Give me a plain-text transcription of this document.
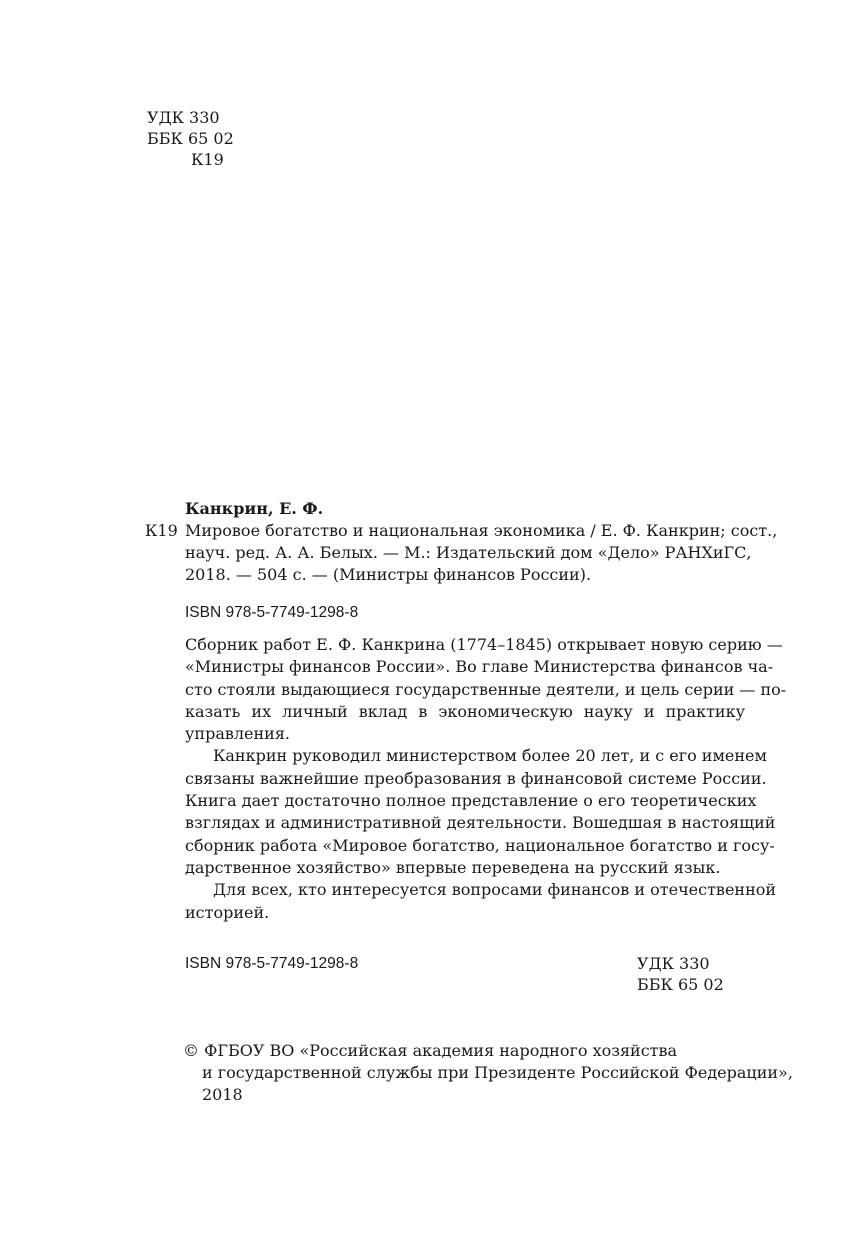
УДК 330
ББК 65 02
К19
Канкрин, Е. Ф.
К19 Мировое богатство и национальная экономика / Е. Ф. Канкрин; сост.,
науч. ред. А. А. Белых. — М.: Издательский дом «Дело» РАНХиГС,
2018. — 504 с. — (Министры финансов России).
ISBN 978-5-7749-1298-8
Сборник работ Е. Ф. Канкрина (1774–1845) открывает новую серию —
«Министры финансов России». Во главе Министерства финансов ча-
сто стояли выдающиеся государственные деятели, и цель серии — по-
казать их личный вклад в экономическую науку и практику
управления.
Канкрин руководил министерством более 20 лет, и с его именем
связаны важнейшие преобразования в финансовой системе России.
Книга дает достаточно полное представление о его теоретических
взглядах и административной деятельности. Вошедшая в настоящий
сборник работа «Мировое богатство, национальное богатство и госу-
дарственное хозяйство» впервые переведена на русский язык.
Для всех, кто интересуется вопросами финансов и отечественной
историей.
ISBN 978-5-7749-1298-8	УДК 330
ББК 65 02
© ФГБОУ ВО «Российская академия народного хозяйства
и государственной службы при Президенте Российской Федерации»,
2018
